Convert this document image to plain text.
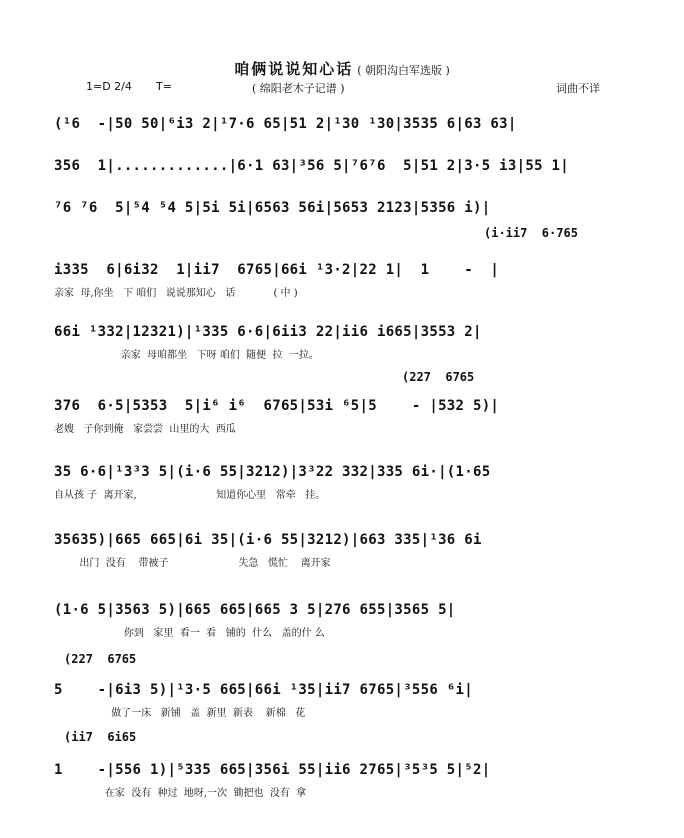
咱俩说说知心话 ( 朝阳沟白军选版 )
1=D 2/4 T=	( 绵阳老木子记谱 )	词曲不详
(¹6  -|50 50|⁶i3 2|¹7·6 65|51 2|¹30 ¹30|3535 6|63 63|
356  1|.............|6·1 63|³56 5|⁷6⁷6  5|51 2|3·5 i3|55 1|
⁷6 ⁷6  5|⁵4 ⁵4 5|5i 5i|6563 56i|5653 2123|5356 i)|
(i·ii7  6·765
i335  6|6i32  1|ii7  6765|66i ¹3·2|22 1|  1    -  |
亲家  母,你坐   下 咱们   说说那知心   话            ( 中 )
66i ¹332|12321)|¹335 6·6|6ii3 22|ii6 i665|3553 2|
亲家  母咱都坐   下呀 咱们  随便  拉  一拉。
(227  6765
376  6·5|5353  5|i⁶ i⁶  6765|53i ⁶5|5    - |532 5)|
老嫂   子你到俺   家尝尝  山里的大  西瓜
35 6·6|¹3³3 5|(i·6 55|3212)|3³22 332|335 6i·|(1·65
自从孩 子  离开家,                         知道你心里   常牵   挂。
35635)|665 665|6i 35|(i·6 55|3212)|663 335|¹36 6i
出门  没有    带被子                      失急   慌忙    离开家
(1·6 5|3563 5)|665 665|665 3 5|276 655|3565 5|
你到   家里  看一  看   铺的  什么   盖的什 么
(227  6765
5    -|6i3 5)|¹3·5 665|66i ¹35|ii7 6765|³556 ⁶i|
做了一床   新铺   盖  新里  新表    新棉   花
(ii7  6i65
1    -|556 1)|⁵335 665|356i 55|ii6 2765|³5³5 5|⁵2|
在家  没有  种过  地呀,一次  锄把也  没有  拿
